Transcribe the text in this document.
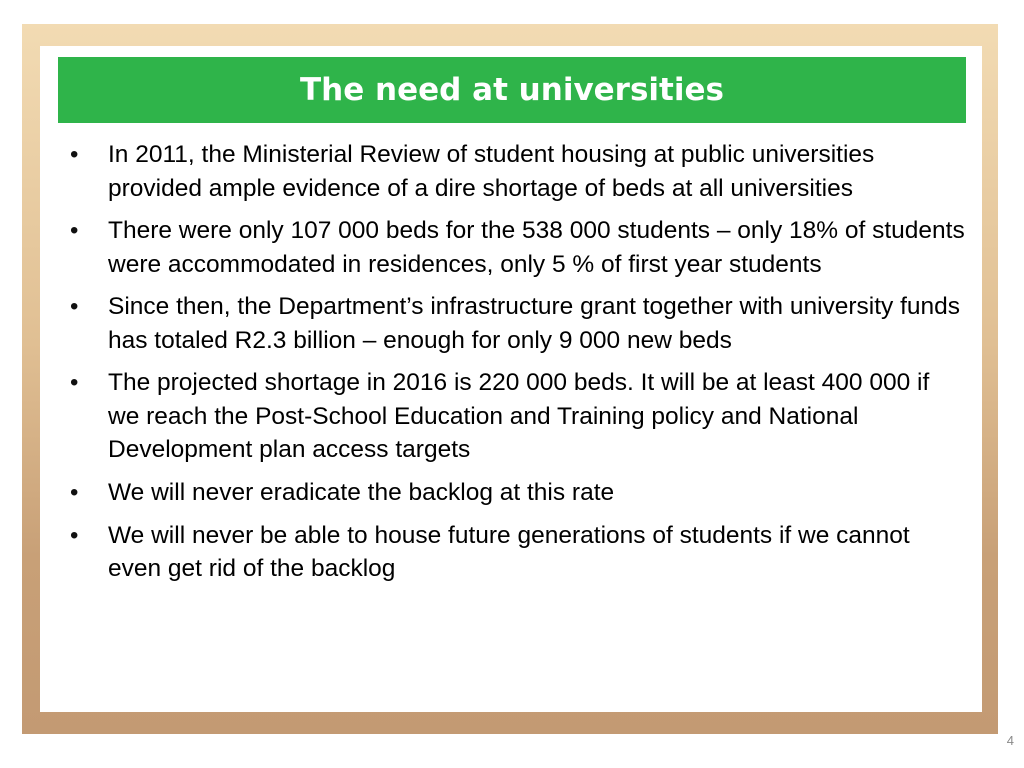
The need at universities
•	In 2011, the Ministerial Review of student housing at public universities provided ample evidence of a dire shortage of beds at all universities
•	There were only 107 000 beds for the 538 000 students – only 18% of students were accommodated in residences, only 5 % of first year students
•	Since then, the Department’s infrastructure grant together with university funds has totaled R2.3 billion – enough for only 9 000 new beds
•	The projected shortage in 2016 is 220 000 beds. It will be at least 400 000 if we reach the Post-School Education and Training policy and National Development plan access targets
•	We will never eradicate the backlog at this rate
•	We will never be able to house future generations of students if we cannot even get rid of the backlog
4
